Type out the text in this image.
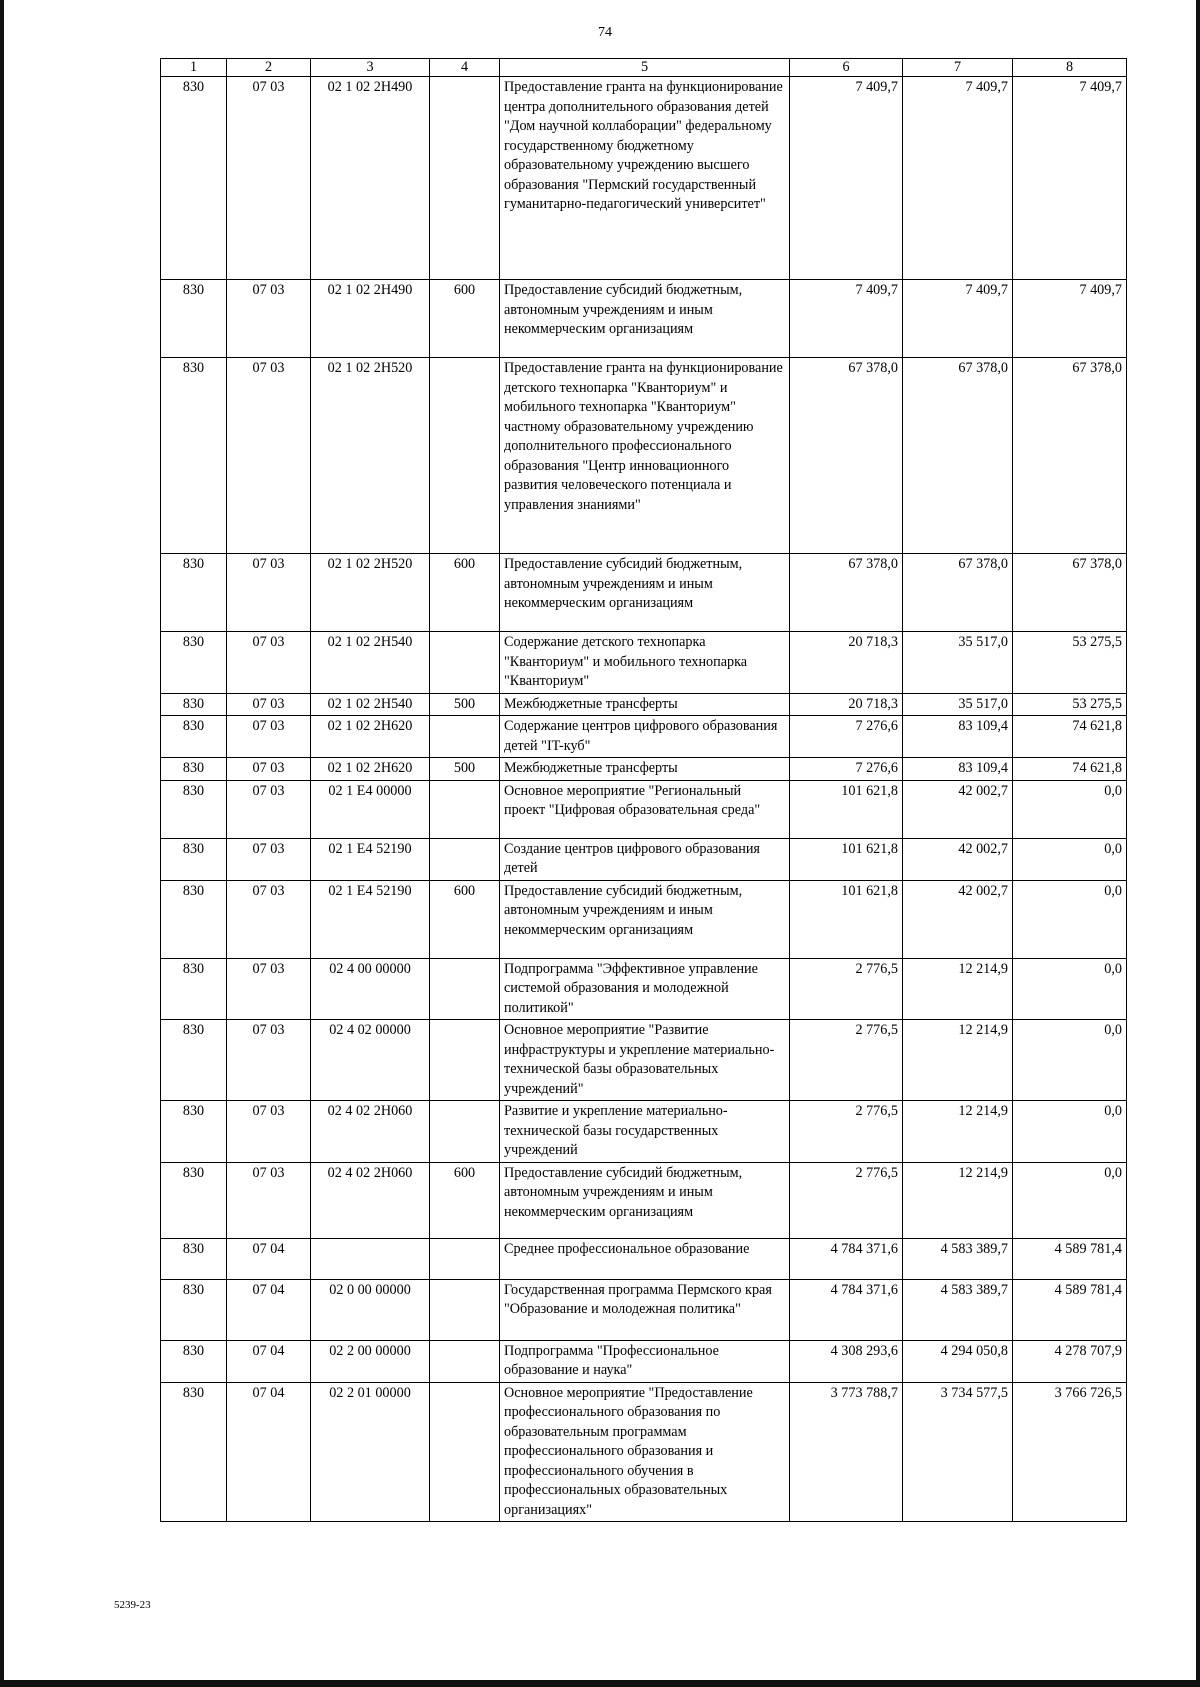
74
1	2	3	4	5	6	7	8
830	07 03	02 1 02 2Н490		Предоставление гранта на функционирование центра дополнительного образования детей "Дом научной коллаборации" федеральному государственному бюджетному образовательному учреждению высшего образования "Пермский государственный гуманитарно-педагогический университет"	7 409,7	7 409,7	7 409,7
830	07 03	02 1 02 2Н490	600	Предоставление субсидий бюджетным, автономным учреждениям и иным некоммерческим организациям	7 409,7	7 409,7	7 409,7
830	07 03	02 1 02 2Н520		Предоставление гранта на функционирование детского технопарка "Кванториум" и мобильного технопарка "Кванториум" частному образовательному учреждению дополнительного профессионального образования "Центр инновационного развития человеческого потенциала и управления знаниями"	67 378,0	67 378,0	67 378,0
830	07 03	02 1 02 2Н520	600	Предоставление субсидий бюджетным, автономным учреждениям и иным некоммерческим организациям	67 378,0	67 378,0	67 378,0
830	07 03	02 1 02 2Н540		Содержание детского технопарка "Кванториум" и мобильного технопарка "Кванториум"	20 718,3	35 517,0	53 275,5
830	07 03	02 1 02 2Н540	500	Межбюджетные трансферты	20 718,3	35 517,0	53 275,5
830	07 03	02 1 02 2Н620		Содержание центров цифрового образования детей "IT-куб"	7 276,6	83 109,4	74 621,8
830	07 03	02 1 02 2Н620	500	Межбюджетные трансферты	7 276,6	83 109,4	74 621,8
830	07 03	02 1 Е4 00000		Основное мероприятие "Региональный проект "Цифровая образовательная среда"	101 621,8	42 002,7	0,0
830	07 03	02 1 Е4 52190		Создание центров цифрового образования детей	101 621,8	42 002,7	0,0
830	07 03	02 1 Е4 52190	600	Предоставление субсидий бюджетным, автономным учреждениям и иным некоммерческим организациям	101 621,8	42 002,7	0,0
830	07 03	02 4 00 00000		Подпрограмма "Эффективное управление системой образования и молодежной политикой"	2 776,5	12 214,9	0,0
830	07 03	02 4 02 00000		Основное мероприятие "Развитие инфраструктуры и укрепление материально-технической базы образовательных учреждений"	2 776,5	12 214,9	0,0
830	07 03	02 4 02 2Н060		Развитие и укрепление материально-технической базы государственных учреждений	2 776,5	12 214,9	0,0
830	07 03	02 4 02 2Н060	600	Предоставление субсидий бюджетным, автономным учреждениям и иным некоммерческим организациям	2 776,5	12 214,9	0,0
830	07 04			Среднее профессиональное образование	4 784 371,6	4 583 389,7	4 589 781,4
830	07 04	02 0 00 00000		Государственная программа Пермского края "Образование и молодежная политика"	4 784 371,6	4 583 389,7	4 589 781,4
830	07 04	02 2 00 00000		Подпрограмма "Профессиональное образование и наука"	4 308 293,6	4 294 050,8	4 278 707,9
830	07 04	02 2 01 00000		Основное мероприятие "Предоставление профессионального образования по образовательным программам профессионального образования и профессионального обучения в профессиональных образовательных организациях"	3 773 788,7	3 734 577,5	3 766 726,5
5239-23
